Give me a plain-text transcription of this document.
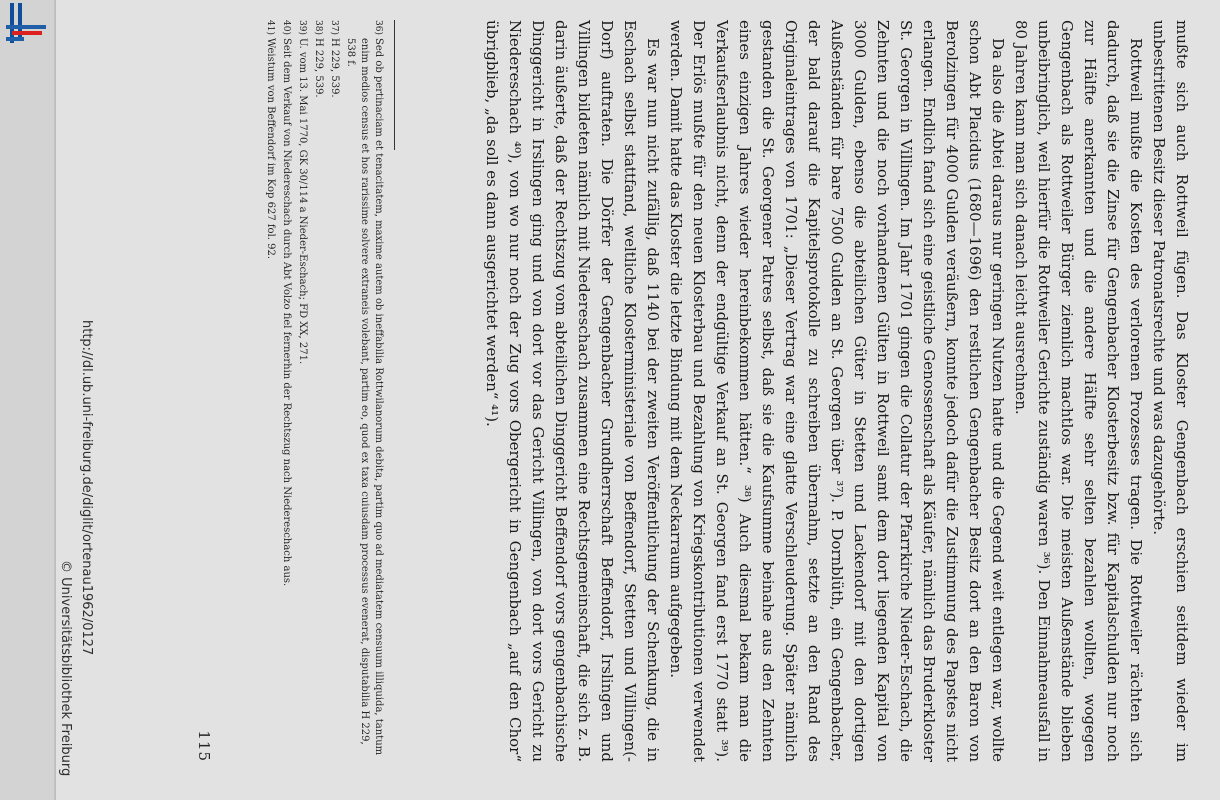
mußte sich auch Rottweil fügen. Das Kloster Gengenbach erschien seitdem wieder im unbestrittenen Besitz dieser Patronatsrechte und was dazugehörte.

Rottweil mußte die Kosten des verlorenen Prozesses tragen. Die Rottweiler rächten sich dadurch, daß sie die Zinse für Gengenbacher Klosterbesitz bzw. für Kapitalschulden nur noch zur Hälfte anerkannten und die andere Hälfte sehr selten bezahlen wollten, wogegen Gengenbach als Rottweiler Bürger ziemlich machtlos war. Die meisten Außenstände blieben unbeibringlich, weil hierfür die Rottweiler Gerichte zuständig waren ³⁶). Den Einnahmeausfall in 80 Jahren kann man sich danach leicht ausrechnen.

Da also die Abtei daraus nur geringen Nutzen hatte und die Gegend weit entlegen war, wollte schon Abt Placidus (1680—1696) den restlichen Gengenbacher Besitz dort an den Baron von Berolzingen für 4000 Gulden veräußern, konnte jedoch dafür die Zustimmung des Papstes nicht erlangen. Endlich fand sich eine geistliche Genossenschaft als Käufer, nämlich das Bruderkloster St. Georgen in Villingen. Im Jahr 1701 gingen die Collatur der Pfarrkirche Nieder-Eschach, die Zehnten und die noch vorhandenen Gülten in Rottweil samt dem dort liegenden Kapital von 3000 Gulden, ebenso die abteilichen Güter in Stetten und Lackendorf mit den dortigen Außenständen für bare 7500 Gulden an St. Georgen über ³⁷). P. Dornblüth, ein Gengenbacher, der bald darauf die Kapitelsprotokolle zu schreiben übernahm, setzte an den Rand des Originaleintrages von 1701: „Dieser Vertrag war eine glatte Verschleuderung. Später nämlich gestanden die St. Georgener Patres selbst, daß sie die Kaufsumme beinahe aus den Zehnten eines einzigen Jahres wieder hereinbekommen hätten.“ ³⁸) Auch diesmal bekam man die Verkaufserlaubnis nicht, denn der endgültige Verkauf an St. Georgen fand erst 1770 statt ³⁹). Der Erlös mußte für den neuen Klosterbau und Bezahlung von Kriegskontributionen verwendet werden. Damit hatte das Kloster die letzte Bindung mit dem Neckarraum aufgegeben.

Es war nun nicht zufällig, daß 1140 bei der zweiten Veröffentlichung der Schenkung, die in Eschach selbst stattfand, weltliche Klosterministeriale von Beffendorf, Stetten und Villingen(-Dorf) auftraten. Die Dörfer der Gengenbacher Grundherrschaft Beffendorf, Irslingen und Villingen bildeten nämlich mit Niedereschach zusammen eine Rechtsgemeinschaft, die sich z. B. darin äußerte, daß der Rechtszug vom abteilichen Dinggericht Beffendorf vors gengenbachische Dinggericht in Irslingen ging und von dort vor das Gericht Villingen, von dort vors Gericht zu Niedereschach ⁴⁰), von wo nur noch der Zug vors Obergericht in Gengenbach „auf den Chor“ übrigblieb, „da soll es dann ausgerichtet werden“ ⁴¹).

36)
Sed ob pertinaciam et tenacitatem, maxime autem ob ineffabilia Rottwilanorum debita, partim quo ad mediatatem censuum illiquida, tantum enim medios census et hos rarissime solvere extraneis volebant, partim eo, quod ex taxa cuiusdam processus evenerat, disputabilia H 229, 538 f.

37)
H 229, 539.

38)
H 229, 539.

39)
U. vom 13. Mai 1770, GK 30/114 a Nieder-Eschach; FD XX, 271.

40)
Seit dem Verkauf von Niedereschach durch Abt Volzo fiel fernerhin der Rechtszug nach Niedereschach aus.

41)
Weistum von Beffendorf im Kop 627 fol. 92.

115
http://dl.ub.uni-freiburg.de/diglit/ortenau1962/0127
© Universitätsbibliothek Freiburg
